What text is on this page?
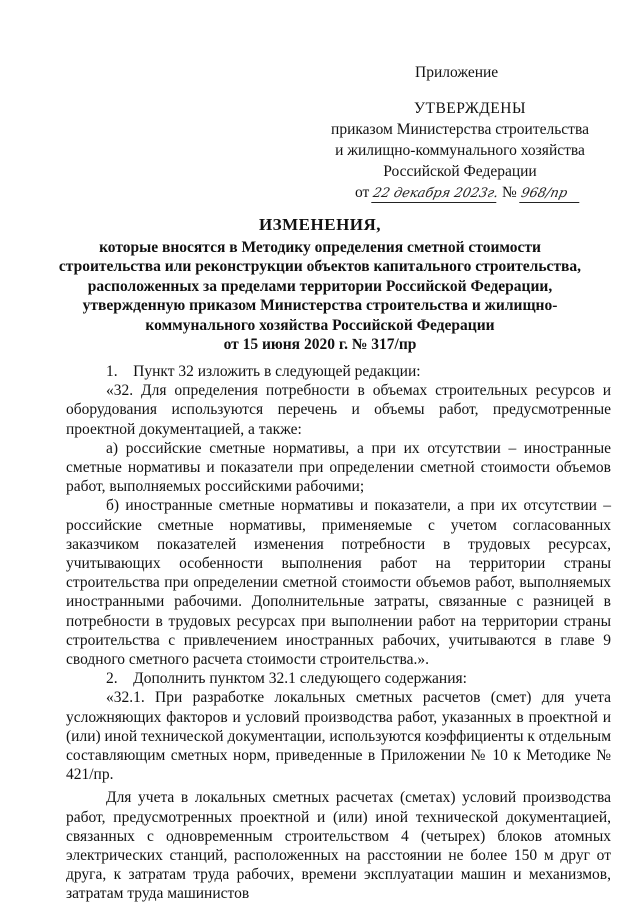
Приложение
УТВЕРЖДЕНЫ
приказом Министерства строительства
и жилищно-коммунального хозяйства
Российской Федерации
от 22 декабря 2023г. № 968/пр
ИЗМЕНЕНИЯ,
которые вносятся в Методику определения сметной стоимости
строительства или реконструкции объектов капитального строительства,
расположенных за пределами территории Российской Федерации,
утвержденную приказом Министерства строительства и жилищно-
коммунального хозяйства Российской Федерации
от 15 июня 2020 г. № 317/пр

1. Пункт 32 изложить в следующей редакции:

«32. Для определения потребности в объемах строительных ресурсов и оборудования используются перечень и объемы работ, предусмотренные проектной документацией, а также:

а) российские сметные нормативы, а при их отсутствии – иностранные сметные нормативы и показатели при определении сметной стоимости объемов работ, выполняемых российскими рабочими;

б) иностранные сметные нормативы и показатели, а при их отсутствии – российские сметные нормативы, применяемые с учетом согласованных заказчиком показателей изменения потребности в трудовых ресурсах, учитывающих особенности выполнения работ на территории страны строительства при определении сметной стоимости объемов работ, выполняемых иностранными рабочими. Дополнительные затраты, связанные с разницей в потребности в трудовых ресурсах при выполнении работ на территории страны строительства с привлечением иностранных рабочих, учитываются в главе 9 сводного сметного расчета стоимости строительства.».

2. Дополнить пунктом 32.1 следующего содержания:

«32.1. При разработке локальных сметных расчетов (смет) для учета усложняющих факторов и условий производства работ, указанных в проектной и (или) иной технической документации, используются коэффициенты к отдельным составляющим сметных норм, приведенные в Приложении № 10 к Методике № 421/пр.

Для учета в локальных сметных расчетах (сметах) условий производства работ, предусмотренных проектной и (или) иной технической документацией, связанных с одновременным строительством 4 (четырех) блоков атомных электрических станций, расположенных на расстоянии не более 150 м друг от друга, к затратам труда рабочих, времени эксплуатации машин и механизмов, затратам труда машинистов
